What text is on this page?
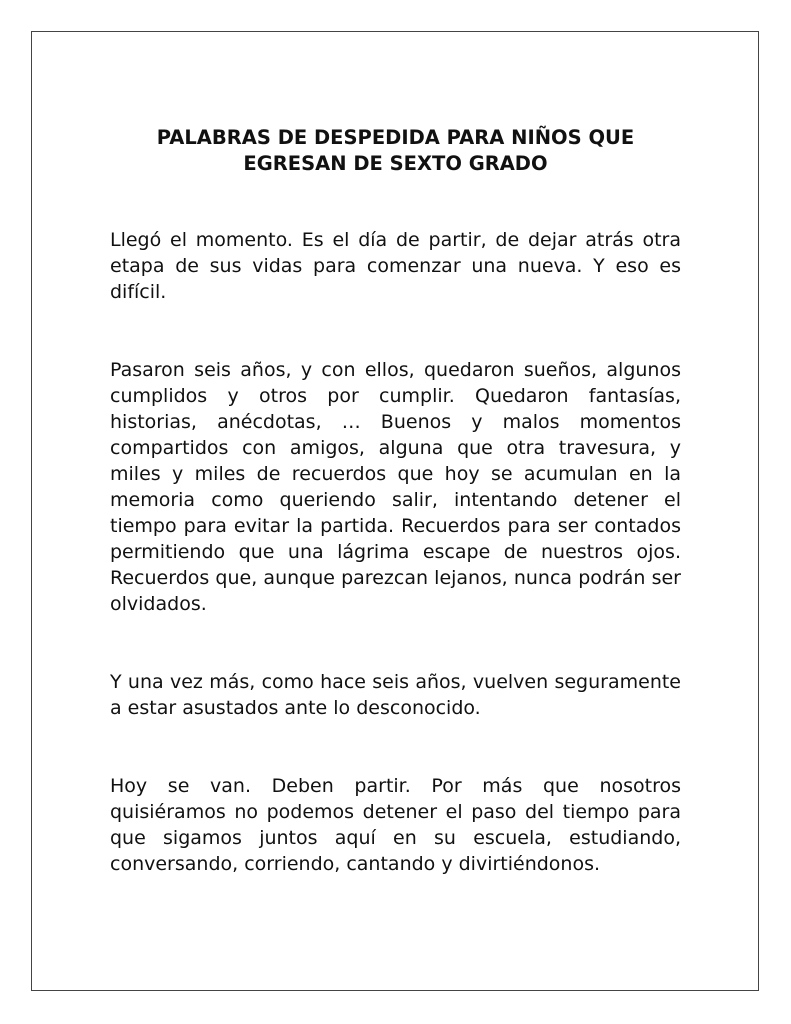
PALABRAS DE DESPEDIDA PARA NIÑOS QUE EGRESAN DE SEXTO GRADO

Llegó el momento. Es el día de partir, de dejar atrás otra etapa de sus vidas para comenzar una nueva. Y eso es difícil.

Pasaron seis años, y con ellos, quedaron sueños, algunos cumplidos y otros por cumplir. Quedaron fantasías, historias, anécdotas, … Buenos y malos momentos compartidos con amigos, alguna que otra travesura, y miles y miles de recuerdos que hoy se acumulan en la memoria como queriendo salir, intentando detener el tiempo para evitar la partida. Recuerdos para ser contados permitiendo que una lágrima escape de nuestros ojos. Recuerdos que, aunque parezcan lejanos, nunca podrán ser olvidados.

Y una vez más, como hace seis años, vuelven seguramente a estar asustados ante lo desconocido.

Hoy se van. Deben partir. Por más que nosotros quisiéramos no podemos detener el paso del tiempo para que sigamos juntos aquí en su escuela, estudiando, conversando, corriendo, cantando y divirtiéndonos.
